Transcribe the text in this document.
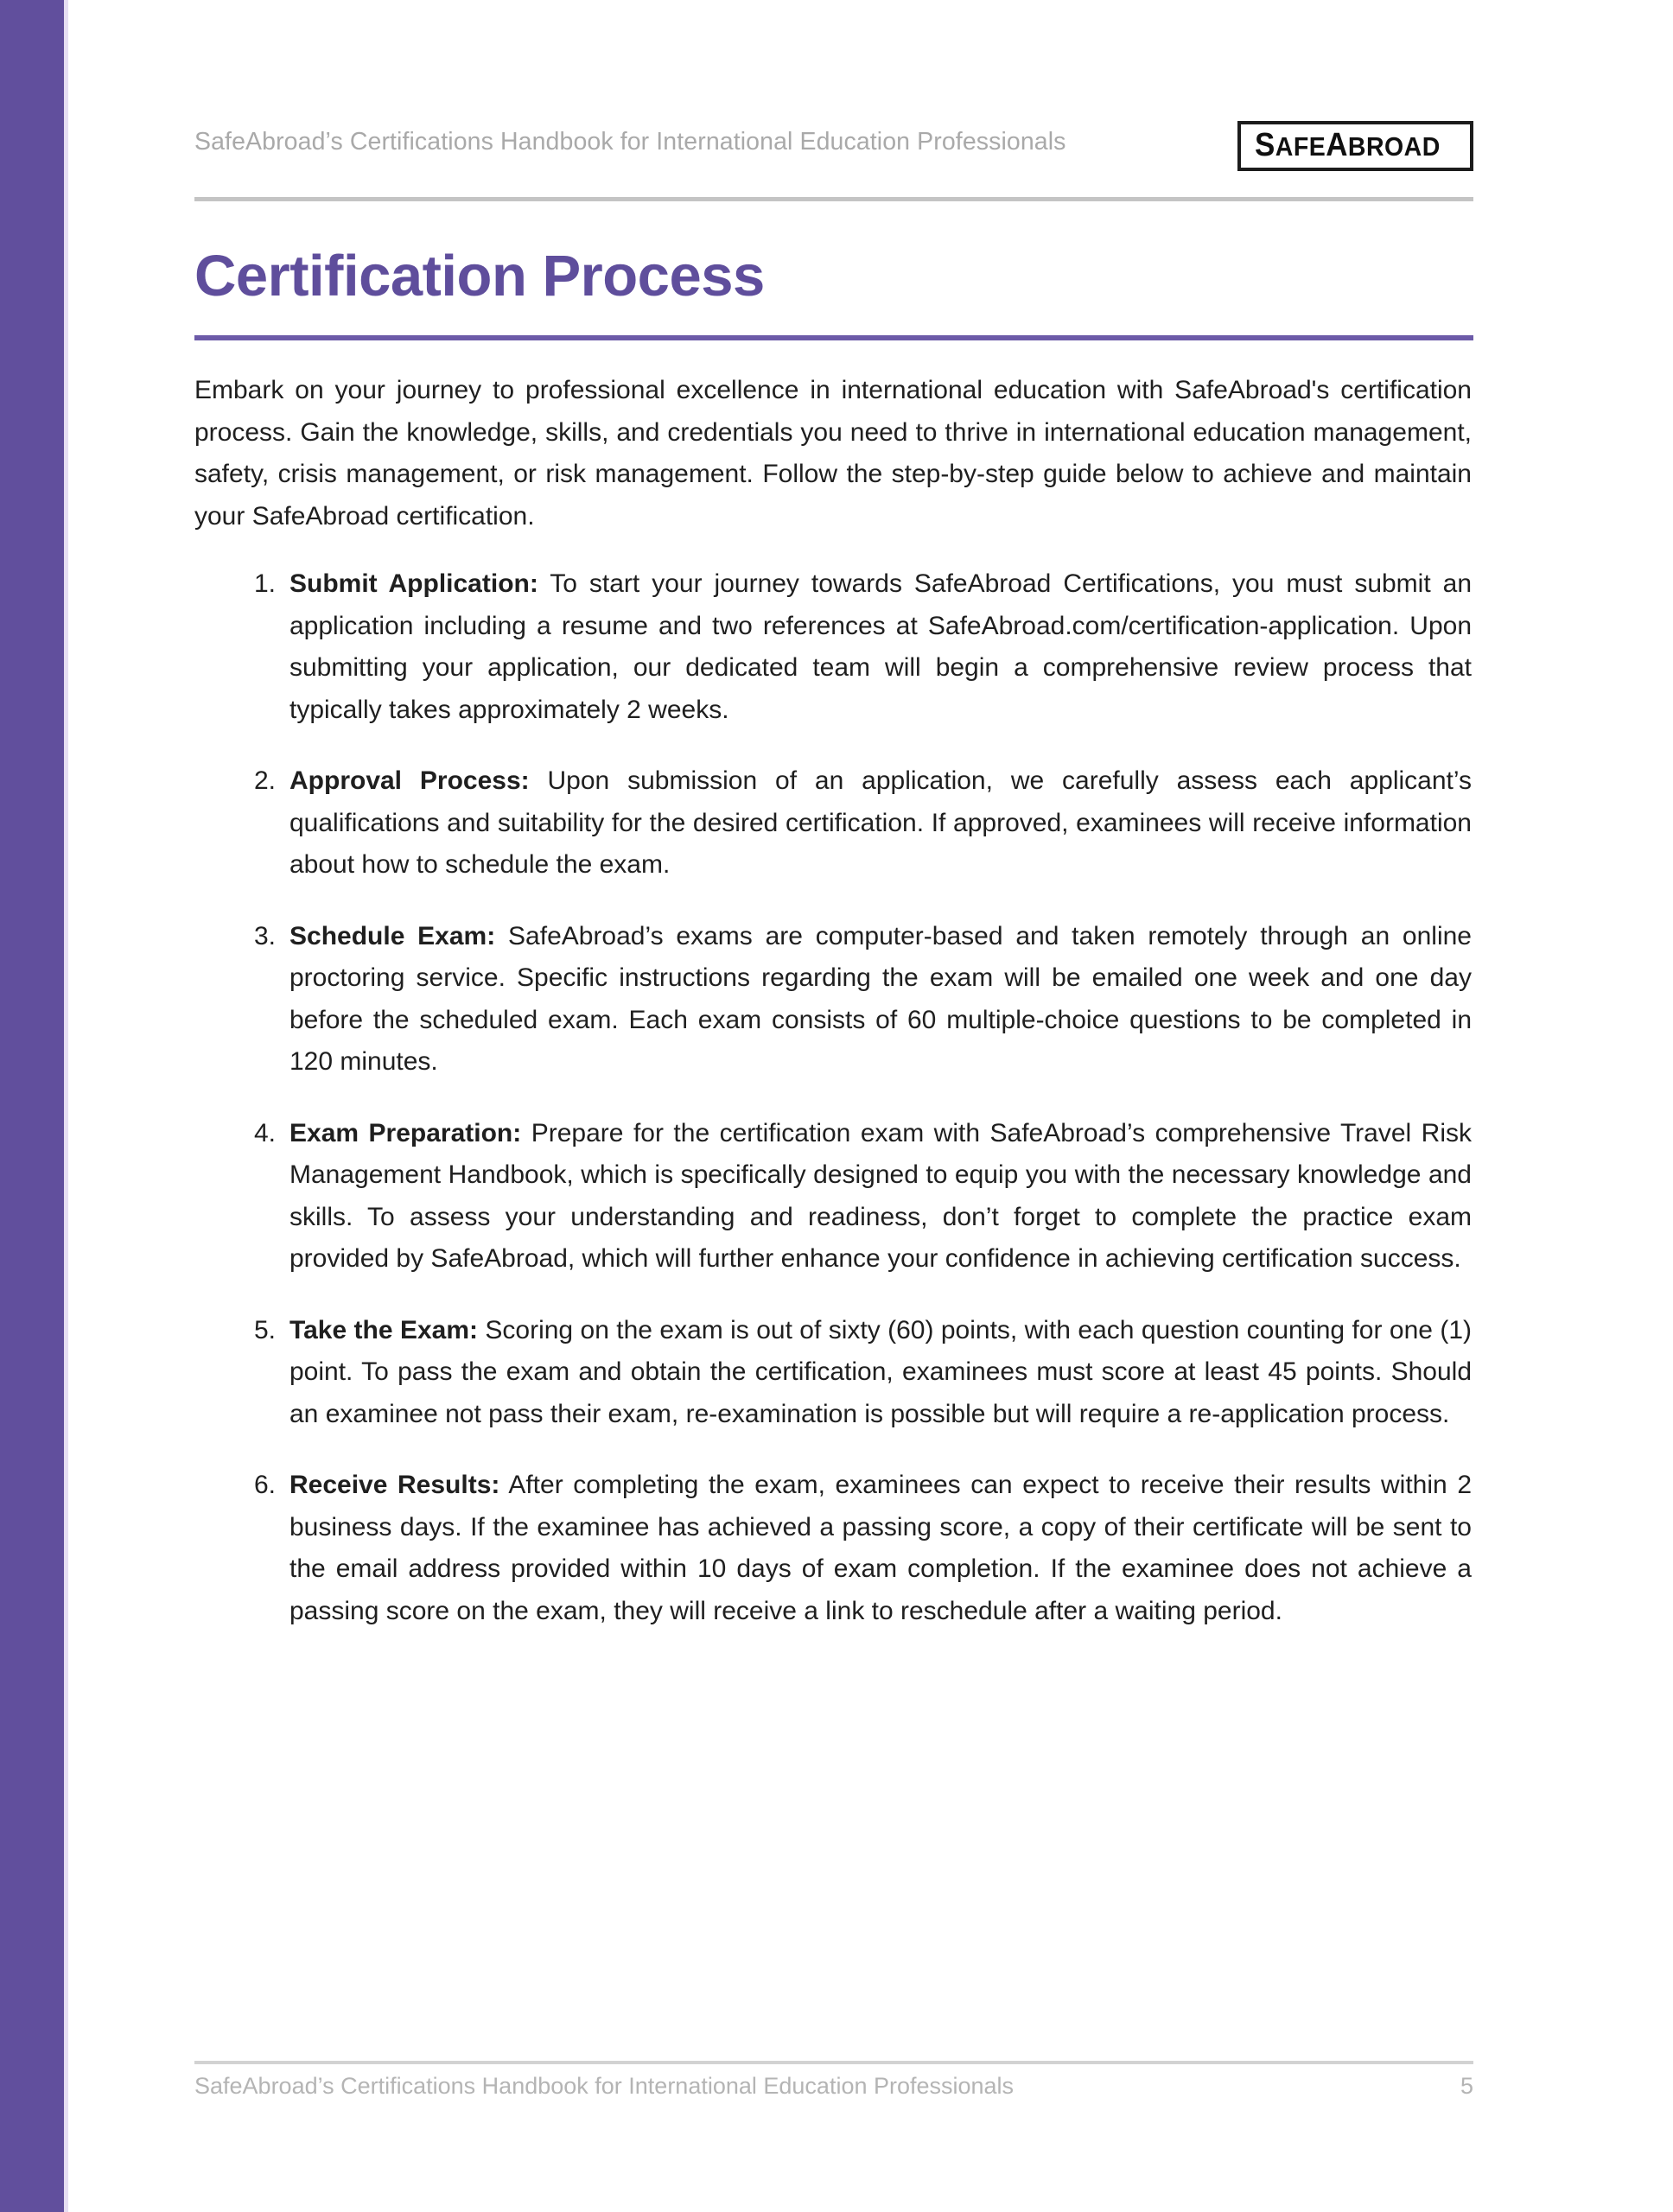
SafeAbroad’s Certifications Handbook for International Education Professionals	SAFEABROAD
Certification Process

Embark on your journey to professional excellence in international education with SafeAbroad's certification process. Gain the knowledge, skills, and credentials you need to thrive in international education management, safety, crisis management, or risk management. Follow the step-by-step guide below to achieve and maintain your SafeAbroad certification.

1. Submit Application: To start your journey towards SafeAbroad Certifications, you must submit an application including a resume and two references at SafeAbroad.com/certification-application. Upon submitting your application, our dedicated team will begin a comprehensive review process that typically takes approximately 2 weeks.
2. Approval Process: Upon submission of an application, we carefully assess each applicant’s qualifications and suitability for the desired certification. If approved, examinees will receive information about how to schedule the exam.
3. Schedule Exam: SafeAbroad’s exams are computer-based and taken remotely through an online proctoring service. Specific instructions regarding the exam will be emailed one week and one day before the scheduled exam. Each exam consists of 60 multiple-choice questions to be completed in 120 minutes.
4. Exam Preparation: Prepare for the certification exam with SafeAbroad’s comprehensive Travel Risk Management Handbook, which is specifically designed to equip you with the necessary knowledge and skills. To assess your understanding and readiness, don’t forget to complete the practice exam provided by SafeAbroad, which will further enhance your confidence in achieving certification success.
5. Take the Exam: Scoring on the exam is out of sixty (60) points, with each question counting for one (1) point. To pass the exam and obtain the certification, examinees must score at least 45 points. Should an examinee not pass their exam, re-examination is possible but will require a re-application process.
6. Receive Results: After completing the exam, examinees can expect to receive their results within 2 business days. If the examinee has achieved a passing score, a copy of their certificate will be sent to the email address provided within 10 days of exam completion. If the examinee does not achieve a passing score on the exam, they will receive a link to reschedule after a waiting period.
SafeAbroad’s Certifications Handbook for International Education Professionals	5
